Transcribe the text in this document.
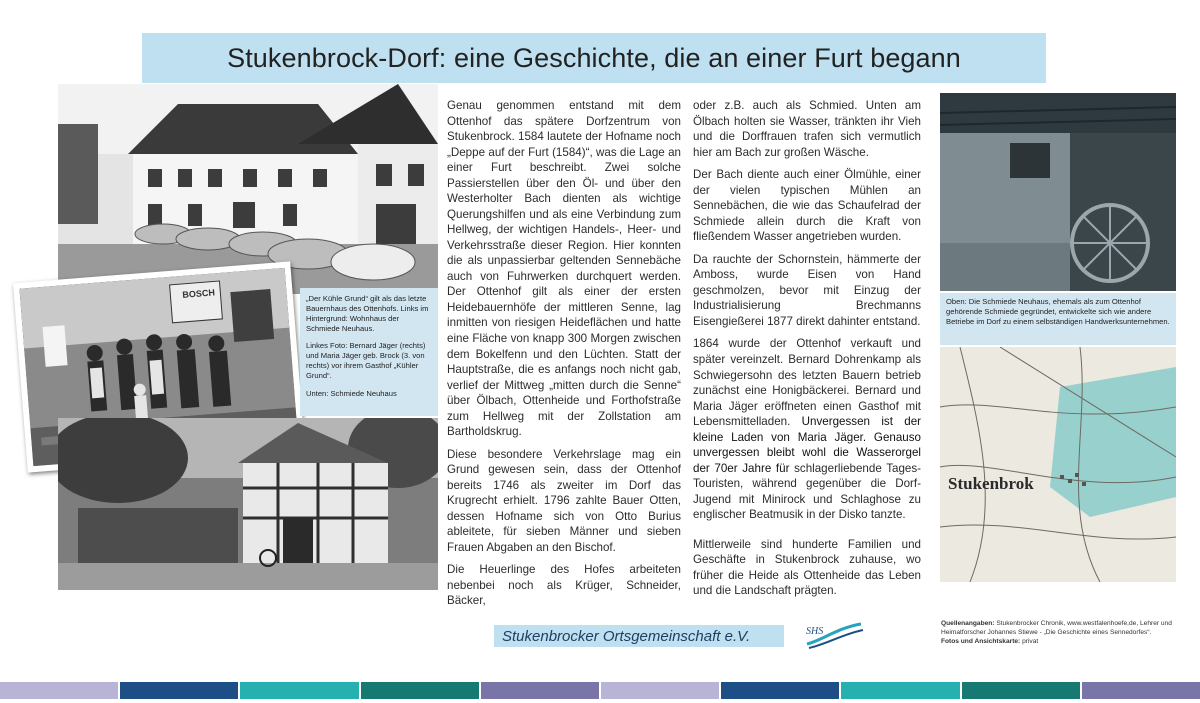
Stukenbrock-Dorf: eine Geschichte, die an einer Furt begann
BOSCH	„Der Kühle Grund“ gilt als das letzte Bauernhaus des Ottenhofs. Links im Hintergrund: Wohnhaus der Schmiede Neuhaus.

Linkes Foto: Bernard Jäger (rechts) und Maria Jäger geb. Brock (3. von rechts) vor ihrem Gasthof „Kühler Grund“.

Unten: Schmiede Neuhaus

Genau genommen entstand mit dem Ottenhof das spätere Dorfzentrum von Stukenbrock. 1584 lautete der Hofname noch „Deppe auf der Furt (1584)“, was die Lage an einer Furt beschreibt. Zwei solche Passierstellen über den Öl- und über den Westerholter Bach dienten als wichtige Querungshilfen und als eine Verbindung zum Hellweg, der wichtigen Handels-, Heer- und Verkehrsstraße dieser Region. Hier konnten die als unpassierbar geltenden Sennebäche auch von Fuhrwerken durchquert werden. Der Ottenhof gilt als einer der ersten Heidebauernhöfe der mittleren Senne, lag inmitten von riesigen Heideflächen und hatte eine Fläche von knapp 300 Morgen zwischen dem Bokelfenn und den Lüchten. Statt der Hauptstraße, die es anfangs noch nicht gab, verlief der Mittweg „mitten durch die Senne“ über Ölbach, Ottenheide und Forthofstraße zum Hellweg mit der Zollstation am Bartholdskrug.

Diese besondere Verkehrslage mag ein Grund gewesen sein, dass der Ottenhof bereits 1746 als zweiter im Dorf das Krugrecht erhielt. 1796 zahlte Bauer Otten, dessen Hofname sich von Otto Burius ableitete, für sieben Männer und sieben Frauen Abgaben an den Bischof.

Die Heuerlinge des Hofes arbeiteten nebenbei noch als Krüger, Schneider, Bäcker,

oder z.B. auch als Schmied. Unten am Ölbach holten sie Wasser, tränkten ihr Vieh und die Dorffrauen trafen sich vermutlich hier am Bach zur großen Wäsche.

Der Bach diente auch einer Ölmühle, einer der vielen typischen Mühlen an Sennebächen, die wie das Schaufelrad der Schmiede allein durch die Kraft von fließendem Wasser angetrieben wurden.

Da rauchte der Schornstein, hämmerte der Amboss, wurde Eisen von Hand geschmolzen, bevor mit Einzug der Industrialisierung Brechmanns Eisengießerei 1877 direkt dahinter entstand.

1864 wurde der Ottenhof verkauft und später vereinzelt. Bernard Dohrenkamp als Schwiegersohn des letzten Bauern betrieb zunächst eine Honigbäckerei. Bernard und Maria Jäger eröffneten einen Gasthof mit Lebensmittelladen. Unvergessen ist der kleine Laden von Maria Jäger. Genauso unvergessen bleibt wohl die Wasserorgel der 70er Jahre für schlagerliebende Tages-Touristen, während gegenüber die Dorf-Jugend mit Minirock und Schlaghose zu englischer Beatmusik in der Disko tanzte.

Mittlerweile sind hunderte Familien und Geschäfte in Stukenbrock zuhause, wo früher die Heide als Ottenheide das Leben und die Landschaft prägten.

Oben: Die Schmiede Neuhaus, ehemals als zum Ottenhof gehörende Schmiede gegründet, entwickelte sich wie andere Betriebe im Dorf zu einem selbständigen Handwerksunternehmen.
Stukenbrok
Quellenangaben: Stukenbrocker Chronik, www.westfalenhoefe.de, Lehrer und Heimatforscher Johannes Stiewe - „Die Geschichte eines Sennedorfes“.
Fotos und Ansichtskarte: privat
Stukenbrocker Ortsgemeinschaft e.V.	SHS
